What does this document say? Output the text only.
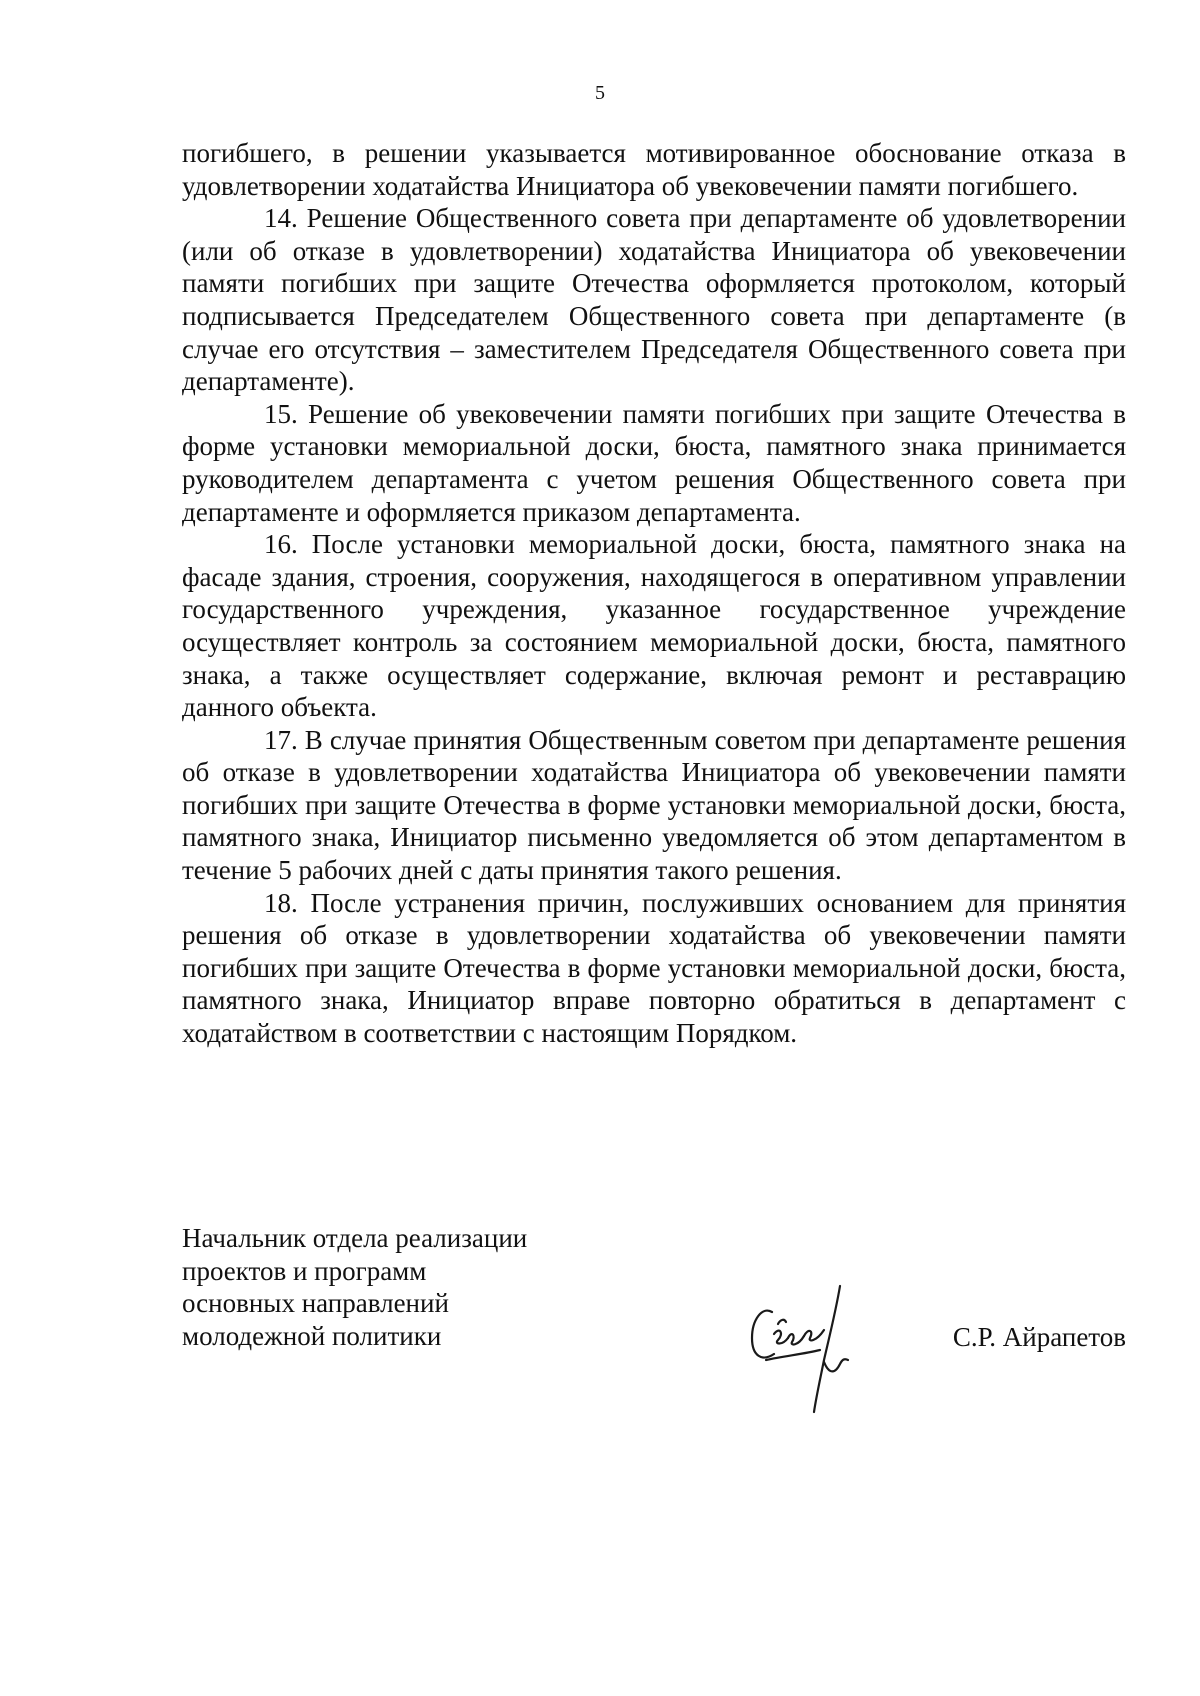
5

погибшего, в решении указывается мотивированное обоснование отказа в удовлетворении ходатайства Инициатора об увековечении памяти погибшего.

14. Решение Общественного совета при департаменте об удовлетворении (или об отказе в удовлетворении) ходатайства Инициатора об увековечении памяти погибших при защите Отечества оформляется протоколом, который подписывается Председателем Общественного совета при департаменте (в случае его отсутствия – заместителем Председателя Общественного совета при департаменте).

15. Решение об увековечении памяти погибших при защите Отечества в форме установки мемориальной доски, бюста, памятного знака принимается руководителем департамента с учетом решения Общественного совета при департаменте и оформляется приказом департамента.

16. После установки мемориальной доски, бюста, памятного знака на фасаде здания, строения, сооружения, находящегося в оперативном управлении государственного учреждения, указанное государственное учреждение осуществляет контроль за состоянием мемориальной доски, бюста, памятного знака, а также осуществляет содержание, включая ремонт и реставрацию данного объекта.

17. В случае принятия Общественным советом при департаменте решения об отказе в удовлетворении ходатайства Инициатора об увековечении памяти погибших при защите Отечества в форме установки мемориальной доски, бюста, памятного знака, Инициатор письменно уведомляется об этом департаментом в течение 5 рабочих дней с даты принятия такого решения.

18. После устранения причин, послуживших основанием для принятия решения об отказе в удовлетворении ходатайства об увековечении памяти погибших при защите Отечества в форме установки мемориальной доски, бюста, памятного знака, Инициатор вправе повторно обратиться в департамент с ходатайством в соответствии с настоящим Порядком.

Начальник отдела реализации
проектов и программ
основных направлений
молодежной политики	С.Р. Айрапетов
